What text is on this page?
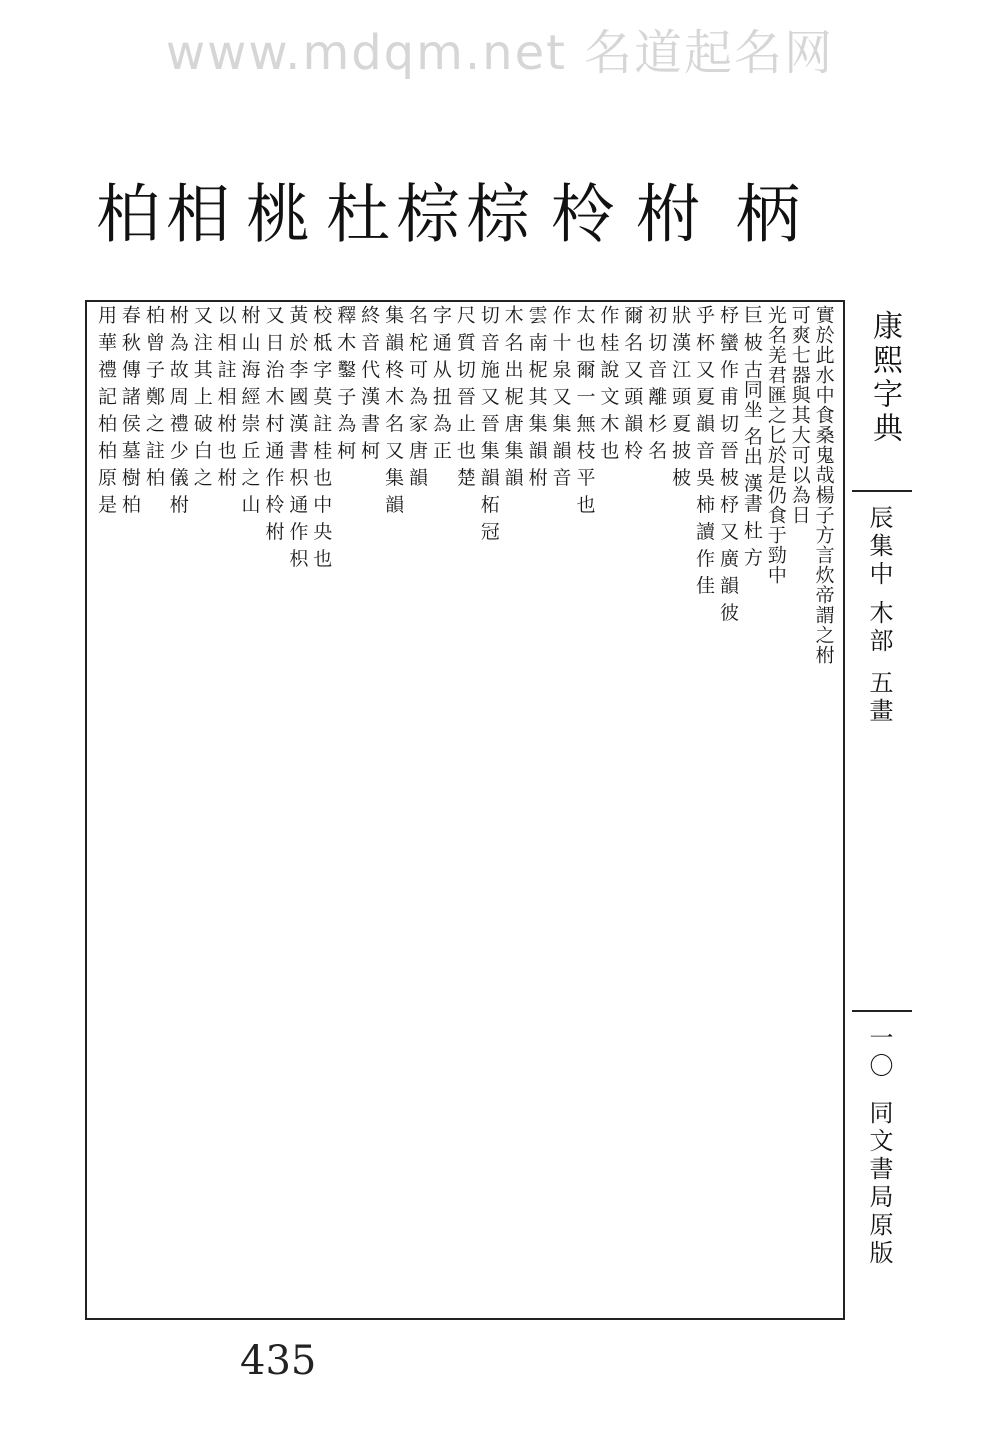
www.mdqm.net 名道起名网
柄
柎
柃
棕
棕
杜
桃
相
柏
實於此水中食桑鬼哉楊子方言炊帝謂之柎
可爽七器與其大可以為日
光名羌君匯之匕於是仍食于勁中
巨 柀 古同坐 名出 漢書 杜 方
杼 蠻 作 甫 切 晉 柀 杼 又 廣 韻 彼
乎 杯 又 夏 韻 音 吳 柿 讀 作 佳
狀 漢 江 頭 夏 披 柀
初 切 音 離 杉 名
爾 名 又 頭 韻 柃
作 桂 說 文 木 也
太 也 爾 一 無 枝 平 也
作 十 泉 又 集 韻 音
雲 南 柅 其 集 韻 柎
木 名 出 柅 唐 集 韻
切 音 施 又 晉 集 韻 柘 冠
尺 質 切 晉 止 也 楚
字 通 从 扭 為 正
名 柁 可 為 家 唐 韻
集 韻 柊 木 名 又 集 韻
終 音 代 漢 書 柯
釋 木 鑿 子 為 柯
校 柢 字 莫 註 桂 也 中 央 也
黃 於 李 國 漢 書 枳 通 作 枳
又 日 治 木 村 通 作 柃 柎
柎 山 海 經 崇 丘 之 山
以 相 註 相 柎 也 柎
又 注 其 上 破 白 之
柎 為 故 周 禮 少 儀 柎
柏 曾 子 鄭 之 註 柏
春 秋 傳 諸 侯 墓 樹 柏
用 華 禮 記 柏 柏 原 是	康熙字典
辰集中
木部
五畫
一〇
同文書局原版
435
